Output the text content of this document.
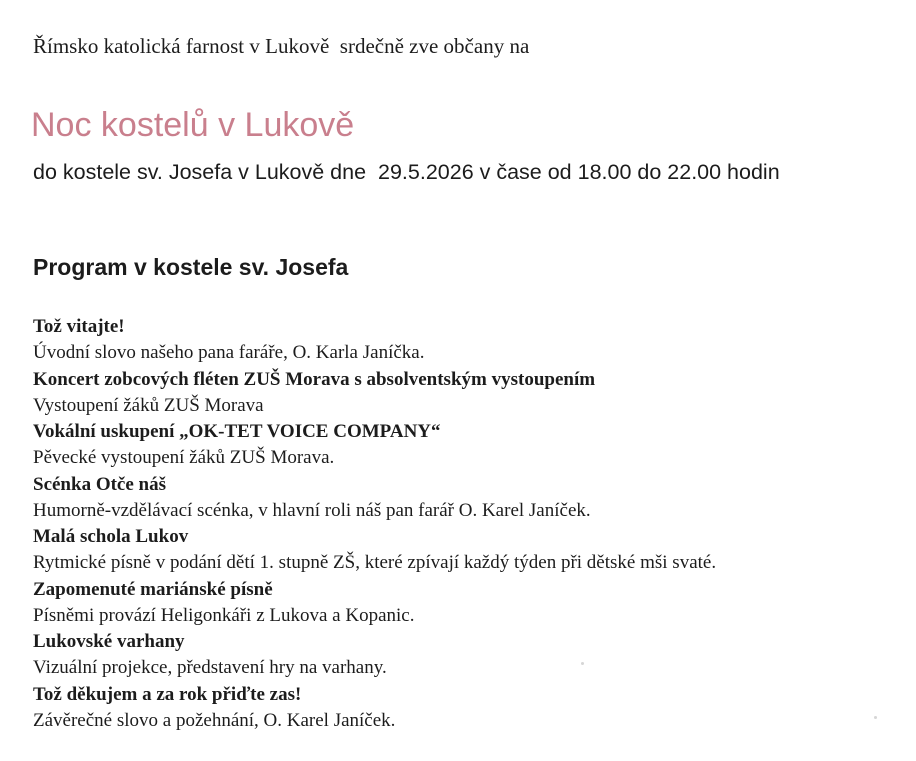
Římsko katolická farnost v Lukově  srdečně zve občany na
Noc kostelů v Lukově
do kostele sv. Josefa v Lukově dne  29.5.2026 v čase od 18.00 do 22.00 hodin
Program v kostele sv. Josefa
Tož vitajte!
Úvodní slovo našeho pana faráře, O. Karla Janíčka.
Koncert zobcových fléten ZUŠ Morava s absolventským vystoupením
Vystoupení žáků ZUŠ Morava
Vokální uskupení „OK-TET VOICE COMPANY“
Pěvecké vystoupení žáků ZUŠ Morava.
Scénka Otče náš
Humorně-vzdělávací scénka, v hlavní roli náš pan farář O. Karel Janíček.
Malá schola Lukov
Rytmické písně v podání dětí 1. stupně ZŠ, které zpívají každý týden při dětské mši svaté.
Zapomenuté mariánské písně
Písněmi provází Heligonkáři z Lukova a Kopanic.
Lukovské varhany
Vizuální projekce, představení hry na varhany.
Tož děkujem a za rok přiďte zas!
Závěrečné slovo a požehnání, O. Karel Janíček.
